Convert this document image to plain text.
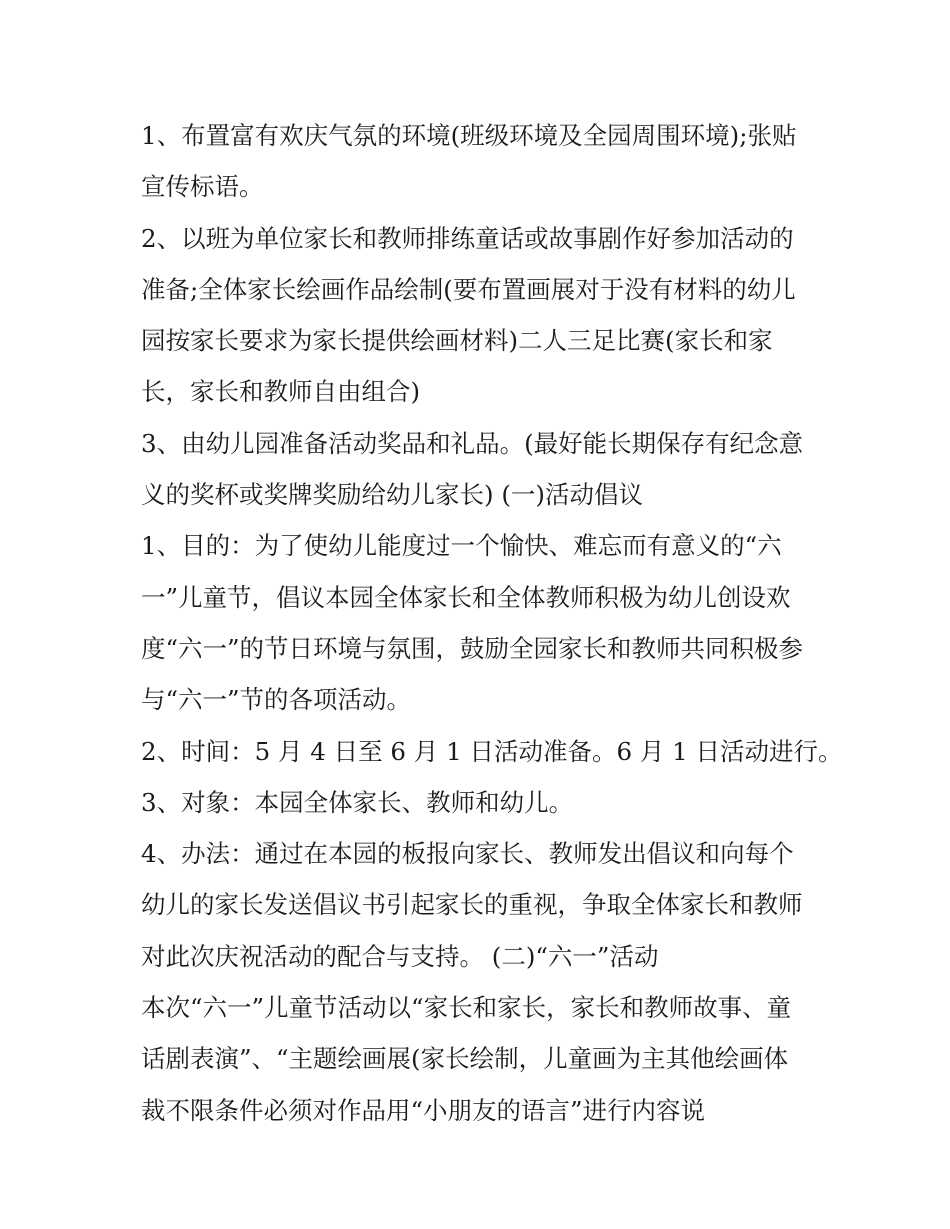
1、布置富有欢庆气氛的环境(班级环境及全园周围环境);张贴
宣传标语。
2、以班为单位家长和教师排练童话或故事剧作好参加活动的
准备;全体家长绘画作品绘制(要布置画展对于没有材料的幼儿
园按家长要求为家长提供绘画材料)二人三足比赛(家长和家
长，家长和教师自由组合)
3、由幼儿园准备活动奖品和礼品。(最好能长期保存有纪念意
义的奖杯或奖牌奖励给幼儿家长) (一)活动倡议
1、目的：为了使幼儿能度过一个愉快、难忘而有意义的“六
一”儿童节，倡议本园全体家长和全体教师积极为幼儿创设欢
度“六一”的节日环境与氛围，鼓励全园家长和教师共同积极参
与“六一”节的各项活动。
2、时间：5 月 4 日至 6 月 1 日活动准备。6 月 1 日活动进行。
3、对象：本园全体家长、教师和幼儿。
4、办法：通过在本园的板报向家长、教师发出倡议和向每个
幼儿的家长发送倡议书引起家长的重视，争取全体家长和教师
对此次庆祝活动的配合与支持。 (二)“六一”活动
本次“六一”儿童节活动以“家长和家长，家长和教师故事、童
话剧表演”、“主题绘画展(家长绘制，儿童画为主其他绘画体
裁不限条件必须对作品用“小朋友的语言”进行内容说
